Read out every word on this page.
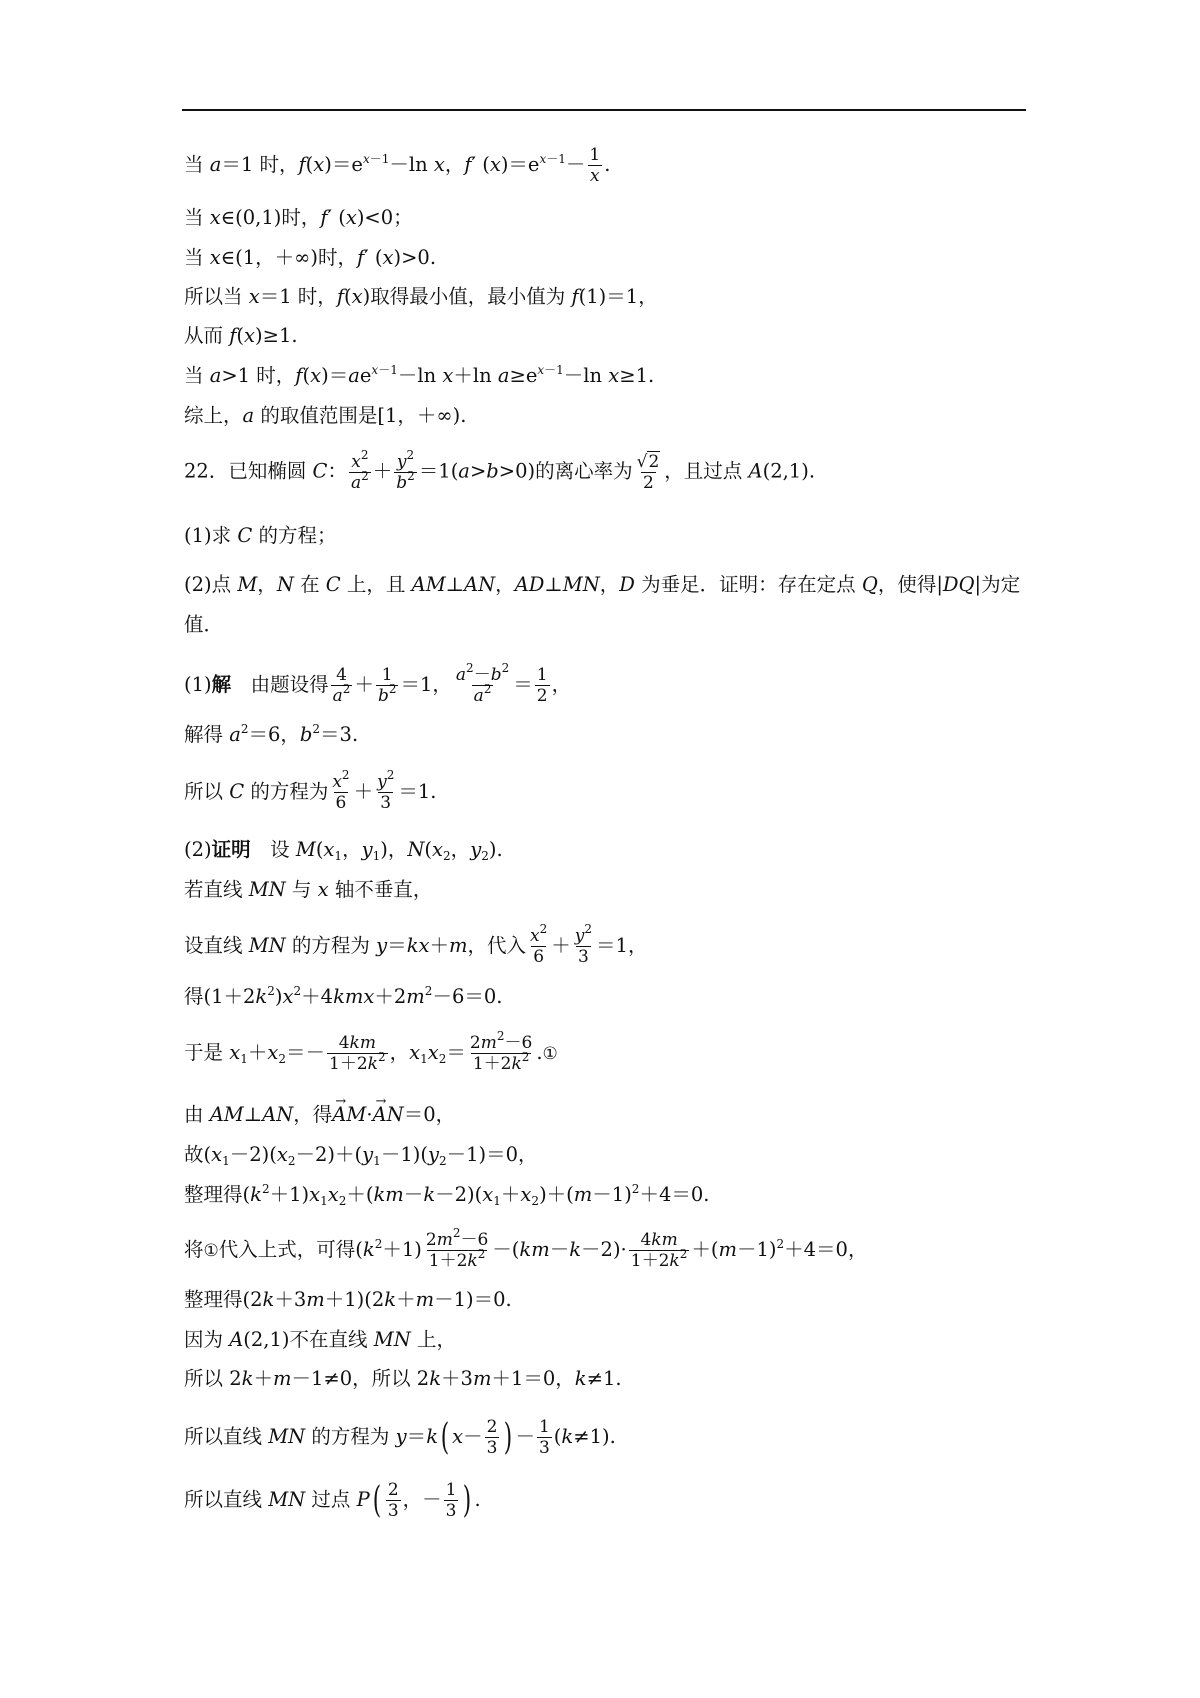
当 a＝1 时，$f(x)=e^{x-1}-\ln$ x，f′ $(x)=e^{x-1}- \frac{1}{x}$ .
当 x∈(0,1)时，f′ (x)<0；
当 x∈(1，＋∞)时，f′ (x)>0.
所以当 x＝1 时，f(x)取得最小值，最小值为 f(1)＝1，
从而 f(x)≥1.
当 a>1 时，$f(x)=ae^{x-1}-\ln$ x＋ln $a\ge e^{x-1}-\ln$ x≥1.
综上，a 的取值范围是[1，＋∞).
22．已知椭圆 C： $\frac{x^2}{a^2} + \frac{y^2}{b^2} =1(a>b>0)$的离心率为 $\frac{√2}{2}$ ，且过点 A(2,1).
(1)求 C 的方程；
(2)点 M，N 在 C 上，且 AM⊥AN，AD⊥MN，D 为垂足．证明：存在定点 Q，使得|DQ|为定
值．
(1)解　由题设得 $\frac{4}{a^2} + \frac{1}{b^2} =1$， $\frac{a^2-b^2}{a^2} = \frac{1}{2}$ ，
解得 $a^2=6$，$b^2=3$.
所以 C 的方程为 $\frac{x^2}{6} + \frac{y^2}{3} =1$.
(2)证明　设 $M(x_1$，$y_1$)，$N(x_2$，$y_2$).
若直线 MN 与 x 轴不垂直，
设直线 MN 的方程为 y＝kx＋m，代入 $\frac{x^2}{6} + \frac{y^2}{3} =1$，
得$(1+2k^2)x^2+4kmx+2m^2-6=0$.
于是 $x_1+x_2=- \frac{4km}{1+2k^2}$ ，$x_1x_2= \frac{2m^2-6}{1+2k^2}$ .①
由 AM⊥AN，得→ AM·→ AN＝0，
故$(x_1-2)(x_2-2)+(y_1-1)(y_2-1)=0$，
整理得$(k^2+1)x_1x_2+(km-k-2)(x_1+x_2)+(m-1)^2+4=0$.
将①代入上式，可得$(k^2+1) \frac{2m^2-6}{1+2k^2} -(km-k-2)\cdot \frac{4km}{1+2k^2} +(m-1)^2+4=0$，
整理得(2k＋3m＋1)(2k＋m－1)＝0.
因为 A(2,1)不在直线 MN 上，
所以 2k＋m－1≠0，所以 2k＋3m＋1＝0，k≠1.
所以直线 MN 的方程为 y＝k( $x- \frac{2}{3}$ ) － $\frac{1}{3} (k\ne 1)$.
所以直线 MN 过点 $P( \frac{2}{3}$ ，－ $\frac{1}{3}$ ) .
